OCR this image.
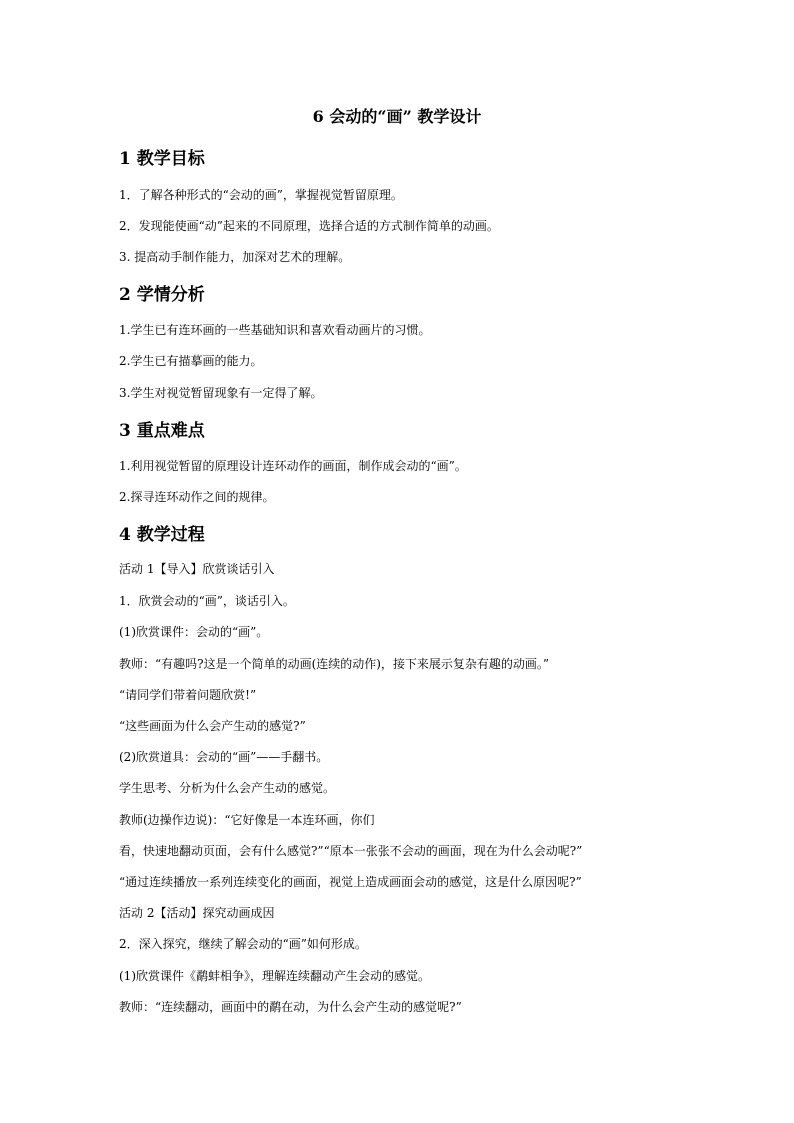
6 会动的“画” 教学设计
1 教学目标
1．了解各种形式的“会动的画”，掌握视觉暂留原理。
2．发现能使画“动”起来的不同原理，选择合适的方式制作简单的动画。
3. 提高动手制作能力，加深对艺术的理解。
2 学情分析
1.学生已有连环画的一些基础知识和喜欢看动画片的习惯。
2.学生已有描摹画的能力。
3.学生对视觉暂留现象有一定得了解。
3 重点难点
1.利用视觉暂留的原理设计连环动作的画面，制作成会动的“画”。
2.探寻连环动作之间的规律。
4 教学过程
活动 1【导入】欣赏谈话引入
1．欣赏会动的“画”，谈话引入。
(1)欣赏课件：会动的“画”。
教师：“有趣吗?这是一个简单的动画(连续的动作)，接下来展示复杂有趣的动画。”
“请同学们带着问题欣赏!”
“这些画面为什么会产生动的感觉?”
(2)欣赏道具：会动的“画”——手翻书。
学生思考、分析为什么会产生动的感觉。
教师(边操作边说)：“它好像是一本连环画，你们
看，快速地翻动页面，会有什么感觉?”“原本一张张不会动的画面，现在为什么会动呢?”
“通过连续播放一系列连续变化的画面，视觉上造成画面会动的感觉，这是什么原因呢?”
活动 2【活动】探究动画成因
2．深入探究，继续了解会动的“画”如何形成。
(1)欣赏课件《鹬蚌相争》，理解连续翻动产生会动的感觉。
教师：“连续翻动，画面中的鹬在动，为什么会产生动的感觉呢?”
